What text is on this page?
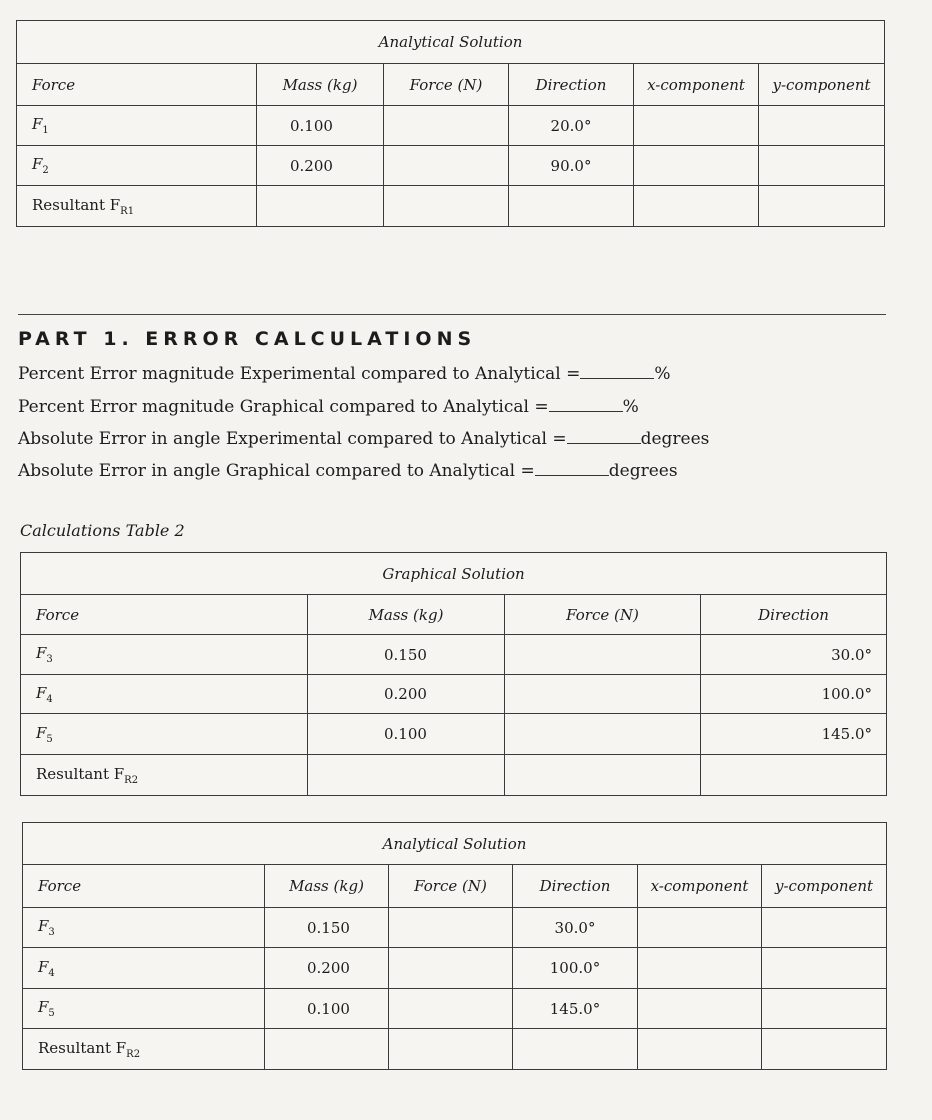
Analytical Solution					
Force	Mass (kg)	Force (N)	Direction	x-component	y-component
$F_1$	0.100		20.0°		
$F_2$	0.200		90.0°		
Resultant $F_{R1}$					
PART 1. ERROR CALCULATIONS
Percent Error magnitude Experimental compared to Analytical =	%
Percent Error magnitude Graphical compared to Analytical =	%
Absolute Error in angle Experimental compared to Analytical =	degrees
Absolute Error in angle Graphical compared to Analytical =	degrees
Calculations Table 2
Graphical Solution			
Force	Mass (kg)	Force (N)	Direction
$F_3$	0.150		30.0°
$F_4$	0.200		100.0°
$F_5$	0.100		145.0°
Resultant $F_{R2}$			
Analytical Solution					
Force	Mass (kg)	Force (N)	Direction	x-component	y-component
$F_3$	0.150		30.0°		
$F_4$	0.200		100.0°		
$F_5$	0.100		145.0°		
Resultant $F_{R2}$					
